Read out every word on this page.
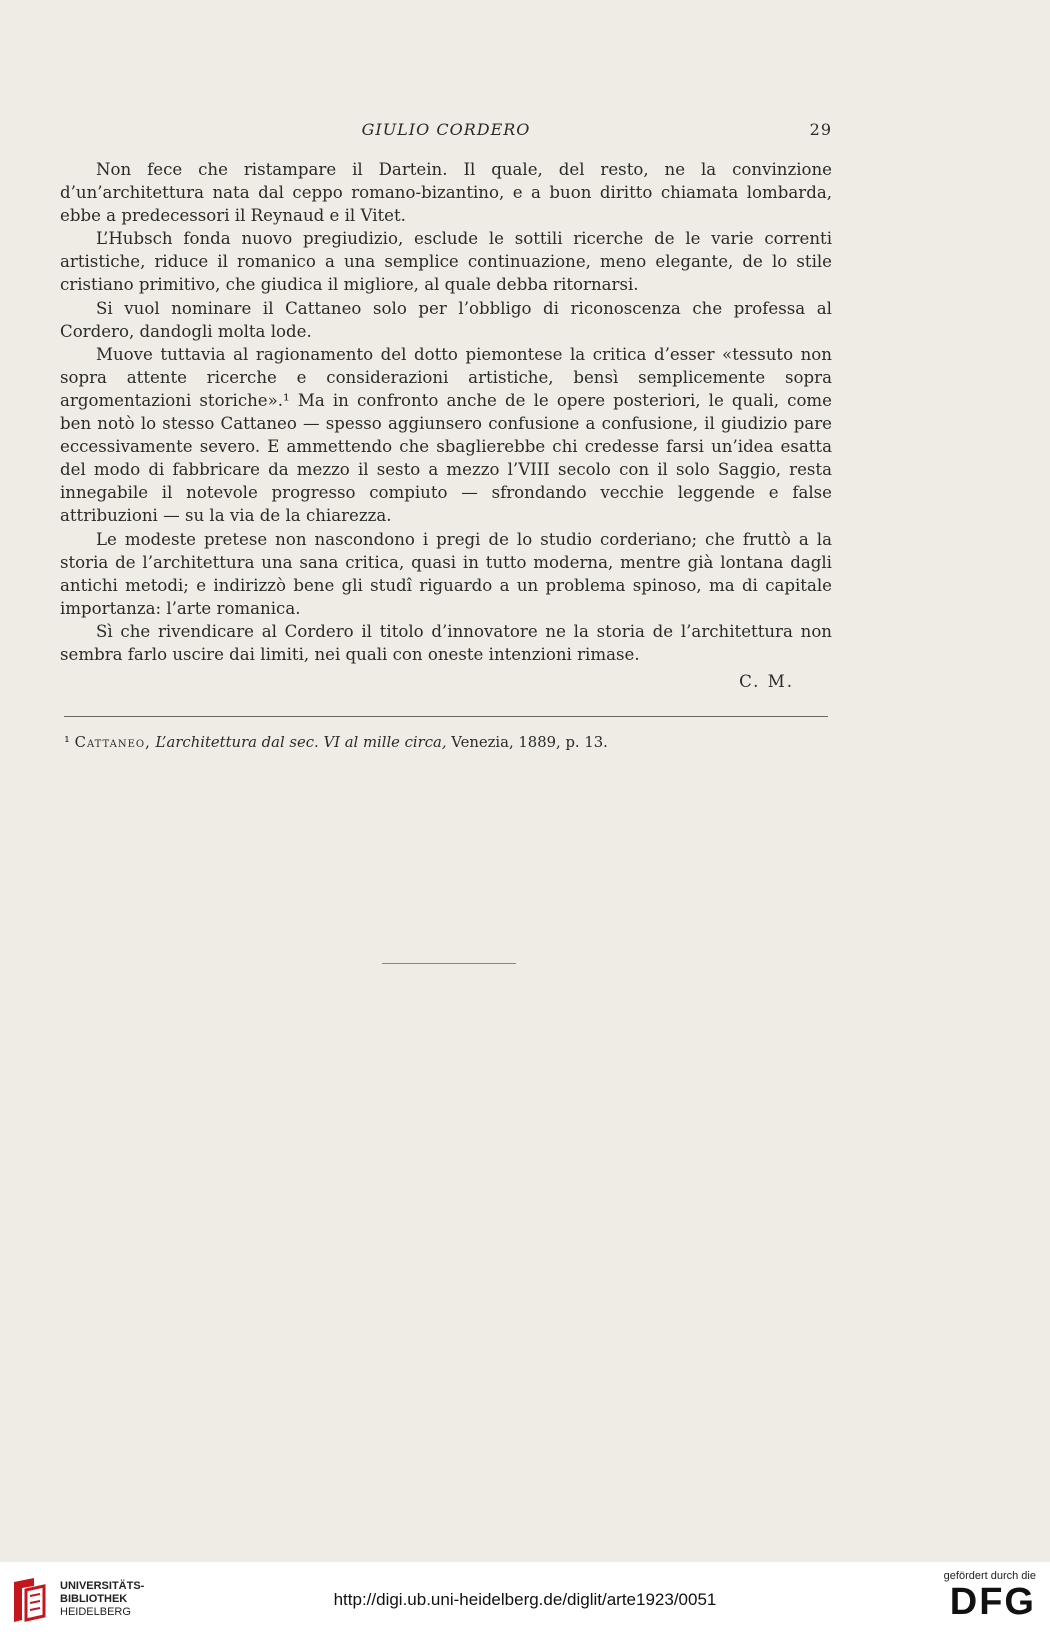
GIULIO CORDERO	29

Non fece che ristampare il Dartein. Il quale, del resto, ne la convinzione d’un’architettura nata dal ceppo romano-bizantino, e a buon diritto chiamata lombarda, ebbe a predecessori il Reynaud e il Vitet.

L’Hubsch fonda nuovo pregiudizio, esclude le sottili ricerche de le varie correnti artistiche, riduce il romanico a una semplice continuazione, meno elegante, de lo stile cristiano primitivo, che giudica il migliore, al quale debba ritornarsi.

Si vuol nominare il Cattaneo solo per l’obbligo di riconoscenza che professa al Cordero, dandogli molta lode.

Muove tuttavia al ragionamento del dotto piemontese la critica d’esser «tessuto non sopra attente ricerche e considerazioni artistiche, bensì semplicemente sopra argomentazioni storiche».¹ Ma in confronto anche de le opere posteriori, le quali, come ben notò lo stesso Cattaneo — spesso aggiunsero confusione a confusione, il giudizio pare eccessivamente severo. E ammettendo che sbaglierebbe chi credesse farsi un’idea esatta del modo di fabbricare da mezzo il sesto a mezzo l’VIII secolo con il solo Saggio, resta innegabile il notevole progresso compiuto — sfrondando vecchie leggende e false attribuzioni — su la via de la chiarezza.

Le modeste pretese non nascondono i pregi de lo studio corderiano; che fruttò a la storia de l’architettura una sana critica, quasi in tutto moderna, mentre già lontana dagli antichi metodi; e indirizzò bene gli studî riguardo a un problema spinoso, ma di capitale importanza: l’arte romanica.

Sì che rivendicare al Cordero il titolo d’innovatore ne la storia de l’architettura non sembra farlo uscire dai limiti, nei quali con oneste intenzioni rimase.

C. M.
¹ Cattaneo, L’architettura dal sec. VI al mille circa, Venezia, 1889, p. 13.
UNIVERSITÄTS-
BIBLIOTHEK
HEIDELBERG
http://digi.ub.uni-heidelberg.de/diglit/arte1923/0051
gefördert durch die
DFG
